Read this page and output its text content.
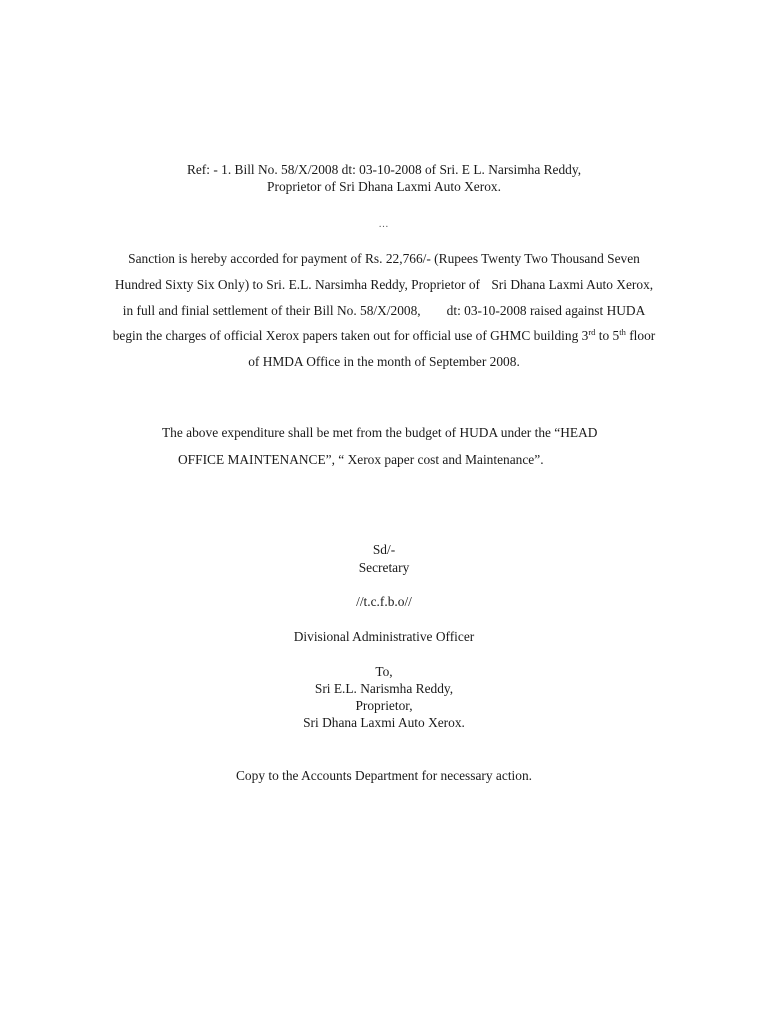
Ref: - 1. Bill No. 58/X/2008 dt: 03-10-2008 of Sri. E L. Narsimha Reddy,
Proprietor of Sri Dhana Laxmi Auto Xerox.
…
Sanction is hereby accorded for payment of Rs. 22,766/- (Rupees Twenty Two Thousand Seven Hundred Sixty Six Only) to Sri. E.L. Narsimha Reddy, Proprietor of Sri Dhana Laxmi Auto Xerox, in full and finial settlement of their Bill No. 58/X/2008, dt: 03-10-2008 raised against HUDA begin the charges of official Xerox papers taken out for official use of GHMC building 3rd to 5th floor of HMDA Office in the month of September 2008.
The above expenditure shall be met from the budget of HUDA under the “HEAD
OFFICE MAINTENANCE”, “ Xerox paper cost and Maintenance”.
Sd/-
Secretary
//t.c.f.b.o//
Divisional Administrative Officer
To,
Sri E.L. Narismha Reddy,
Proprietor,
Sri Dhana Laxmi Auto Xerox.
Copy to the Accounts Department for necessary action.
